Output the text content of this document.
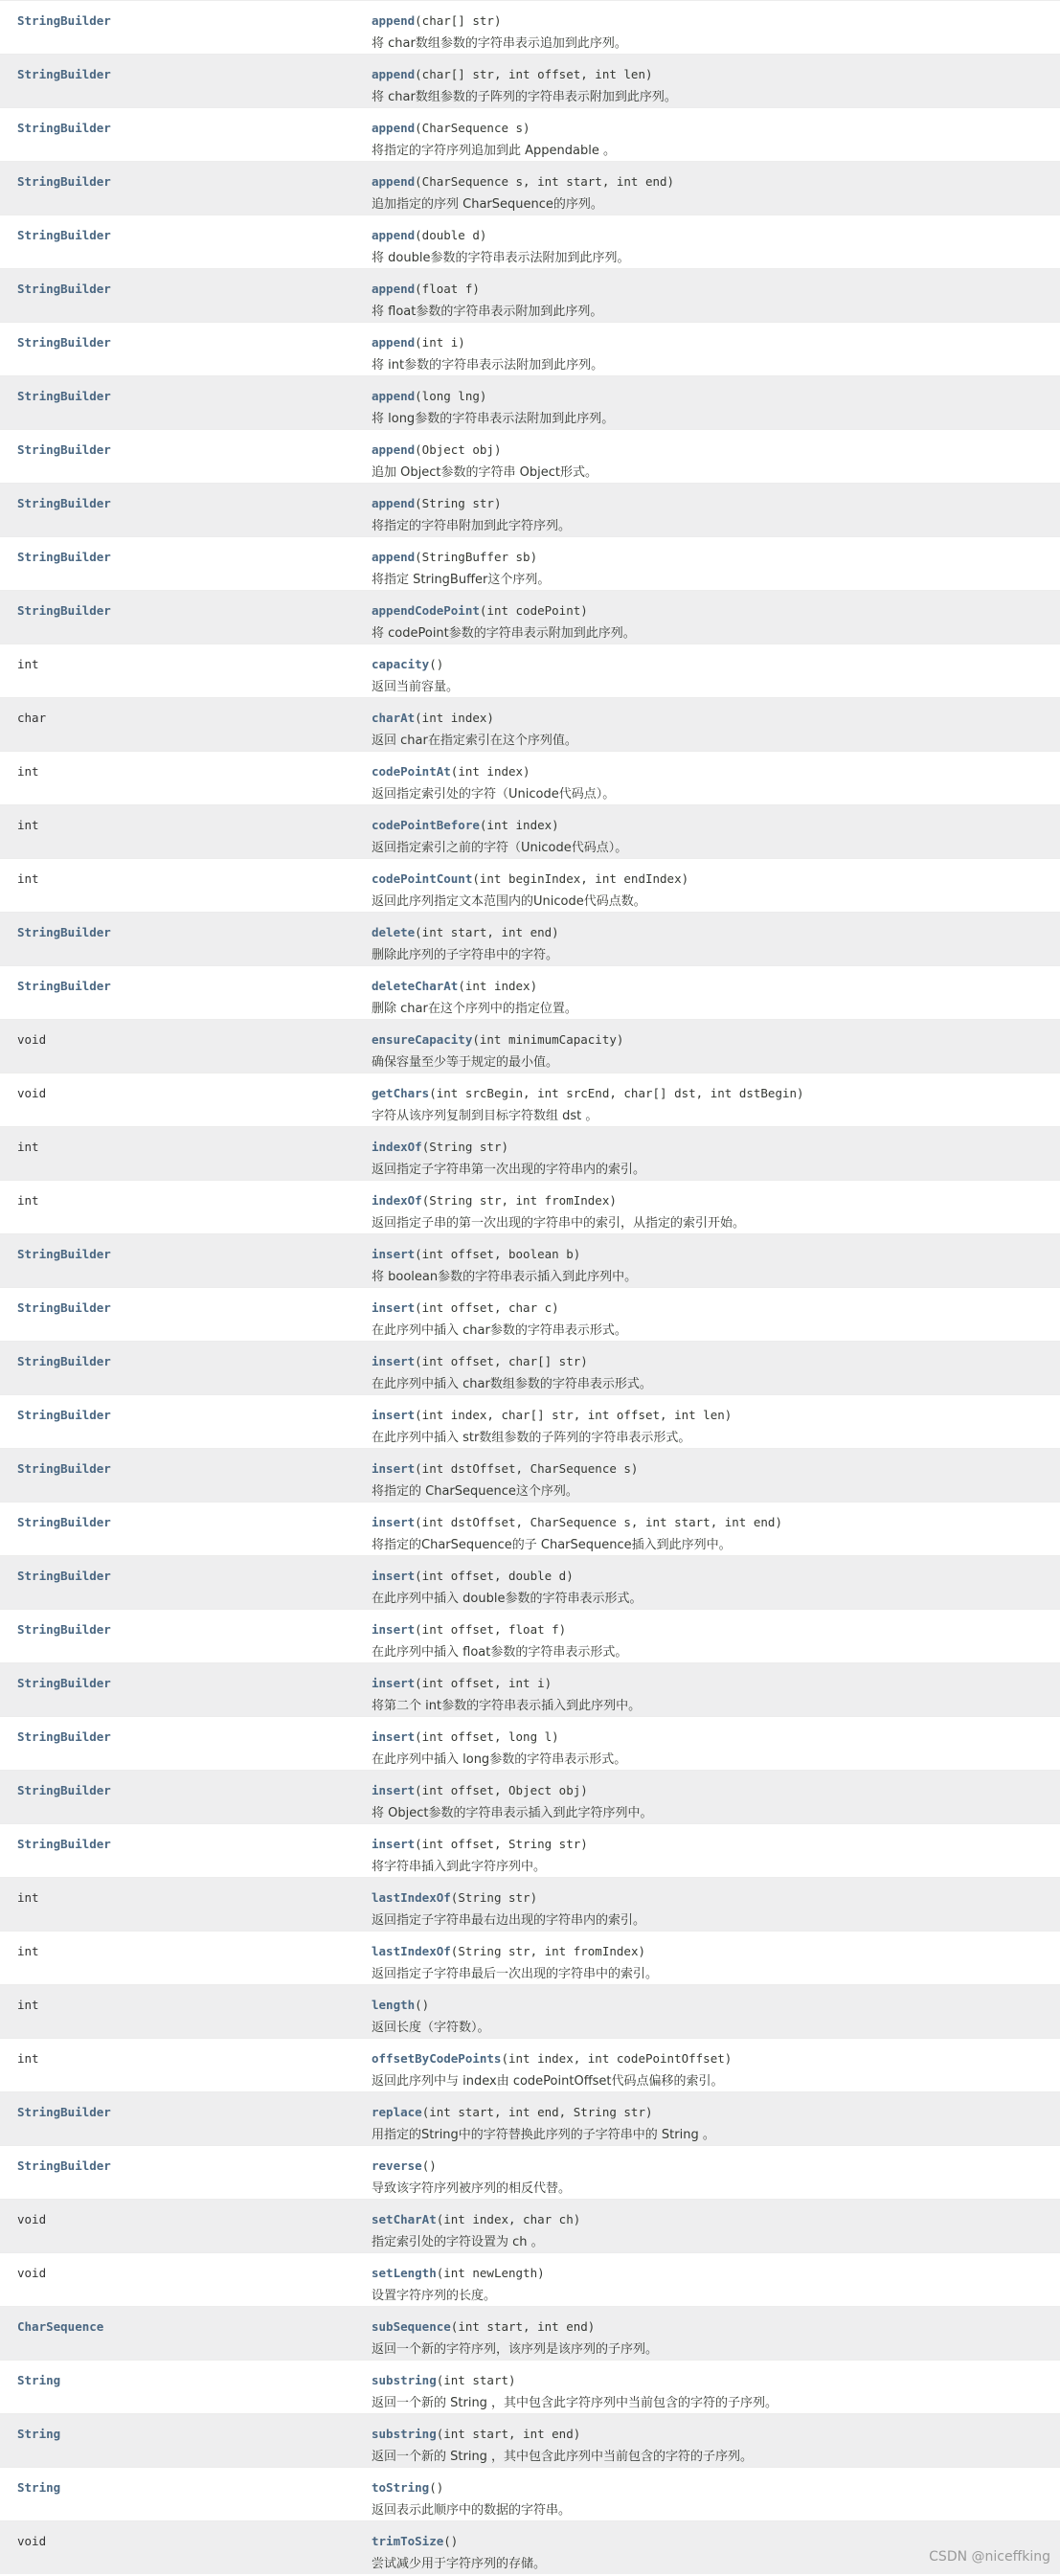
StringBuilder	append(char[] str)
将 char数组参数的字符串表示追加到此序列。
StringBuilder	append(char[] str, int offset, int len)
将 char数组参数的子阵列的字符串表示附加到此序列。
StringBuilder	append(CharSequence s)
将指定的字符序列追加到此 Appendable 。
StringBuilder	append(CharSequence s, int start, int end)
追加指定的序列 CharSequence的序列。
StringBuilder	append(double d)
将 double参数的字符串表示法附加到此序列。
StringBuilder	append(float f)
将 float参数的字符串表示附加到此序列。
StringBuilder	append(int i)
将 int参数的字符串表示法附加到此序列。
StringBuilder	append(long lng)
将 long参数的字符串表示法附加到此序列。
StringBuilder	append(Object obj)
追加 Object参数的字符串 Object形式。
StringBuilder	append(String str)
将指定的字符串附加到此字符序列。
StringBuilder	append(StringBuffer sb)
将指定 StringBuffer这个序列。
StringBuilder	appendCodePoint(int codePoint)
将 codePoint参数的字符串表示附加到此序列。
int	capacity()
返回当前容量。
char	charAt(int index)
返回 char在指定索引在这个序列值。
int	codePointAt(int index)
返回指定索引处的字符（Unicode代码点）。
int	codePointBefore(int index)
返回指定索引之前的字符（Unicode代码点）。
int	codePointCount(int beginIndex, int endIndex)
返回此序列指定文本范围内的Unicode代码点数。
StringBuilder	delete(int start, int end)
删除此序列的子字符串中的字符。
StringBuilder	deleteCharAt(int index)
删除 char在这个序列中的指定位置。
void	ensureCapacity(int minimumCapacity)
确保容量至少等于规定的最小值。
void	getChars(int srcBegin, int srcEnd, char[] dst, int dstBegin)
字符从该序列复制到目标字符数组 dst 。
int	indexOf(String str)
返回指定子字符串第一次出现的字符串内的索引。
int	indexOf(String str, int fromIndex)
返回指定子串的第一次出现的字符串中的索引，从指定的索引开始。
StringBuilder	insert(int offset, boolean b)
将 boolean参数的字符串表示插入到此序列中。
StringBuilder	insert(int offset, char c)
在此序列中插入 char参数的字符串表示形式。
StringBuilder	insert(int offset, char[] str)
在此序列中插入 char数组参数的字符串表示形式。
StringBuilder	insert(int index, char[] str, int offset, int len)
在此序列中插入 str数组参数的子阵列的字符串表示形式。
StringBuilder	insert(int dstOffset, CharSequence s)
将指定的 CharSequence这个序列。
StringBuilder	insert(int dstOffset, CharSequence s, int start, int end)
将指定的CharSequence的子 CharSequence插入到此序列中。
StringBuilder	insert(int offset, double d)
在此序列中插入 double参数的字符串表示形式。
StringBuilder	insert(int offset, float f)
在此序列中插入 float参数的字符串表示形式。
StringBuilder	insert(int offset, int i)
将第二个 int参数的字符串表示插入到此序列中。
StringBuilder	insert(int offset, long l)
在此序列中插入 long参数的字符串表示形式。
StringBuilder	insert(int offset, Object obj)
将 Object参数的字符串表示插入到此字符序列中。
StringBuilder	insert(int offset, String str)
将字符串插入到此字符序列中。
int	lastIndexOf(String str)
返回指定子字符串最右边出现的字符串内的索引。
int	lastIndexOf(String str, int fromIndex)
返回指定子字符串最后一次出现的字符串中的索引。
int	length()
返回长度（字符数）。
int	offsetByCodePoints(int index, int codePointOffset)
返回此序列中与 index由 codePointOffset代码点偏移的索引。
StringBuilder	replace(int start, int end, String str)
用指定的String中的字符替换此序列的子字符串中的 String 。
StringBuilder	reverse()
导致该字符序列被序列的相反代替。
void	setCharAt(int index, char ch)
指定索引处的字符设置为 ch 。
void	setLength(int newLength)
设置字符序列的长度。
CharSequence	subSequence(int start, int end)
返回一个新的字符序列，该序列是该序列的子序列。
String	substring(int start)
返回一个新的 String ，其中包含此字符序列中当前包含的字符的子序列。
String	substring(int start, int end)
返回一个新的 String ，其中包含此序列中当前包含的字符的子序列。
String	toString()
返回表示此顺序中的数据的字符串。
void	trimToSize()
尝试减少用于字符序列的存储。	CSDN @niceffking
